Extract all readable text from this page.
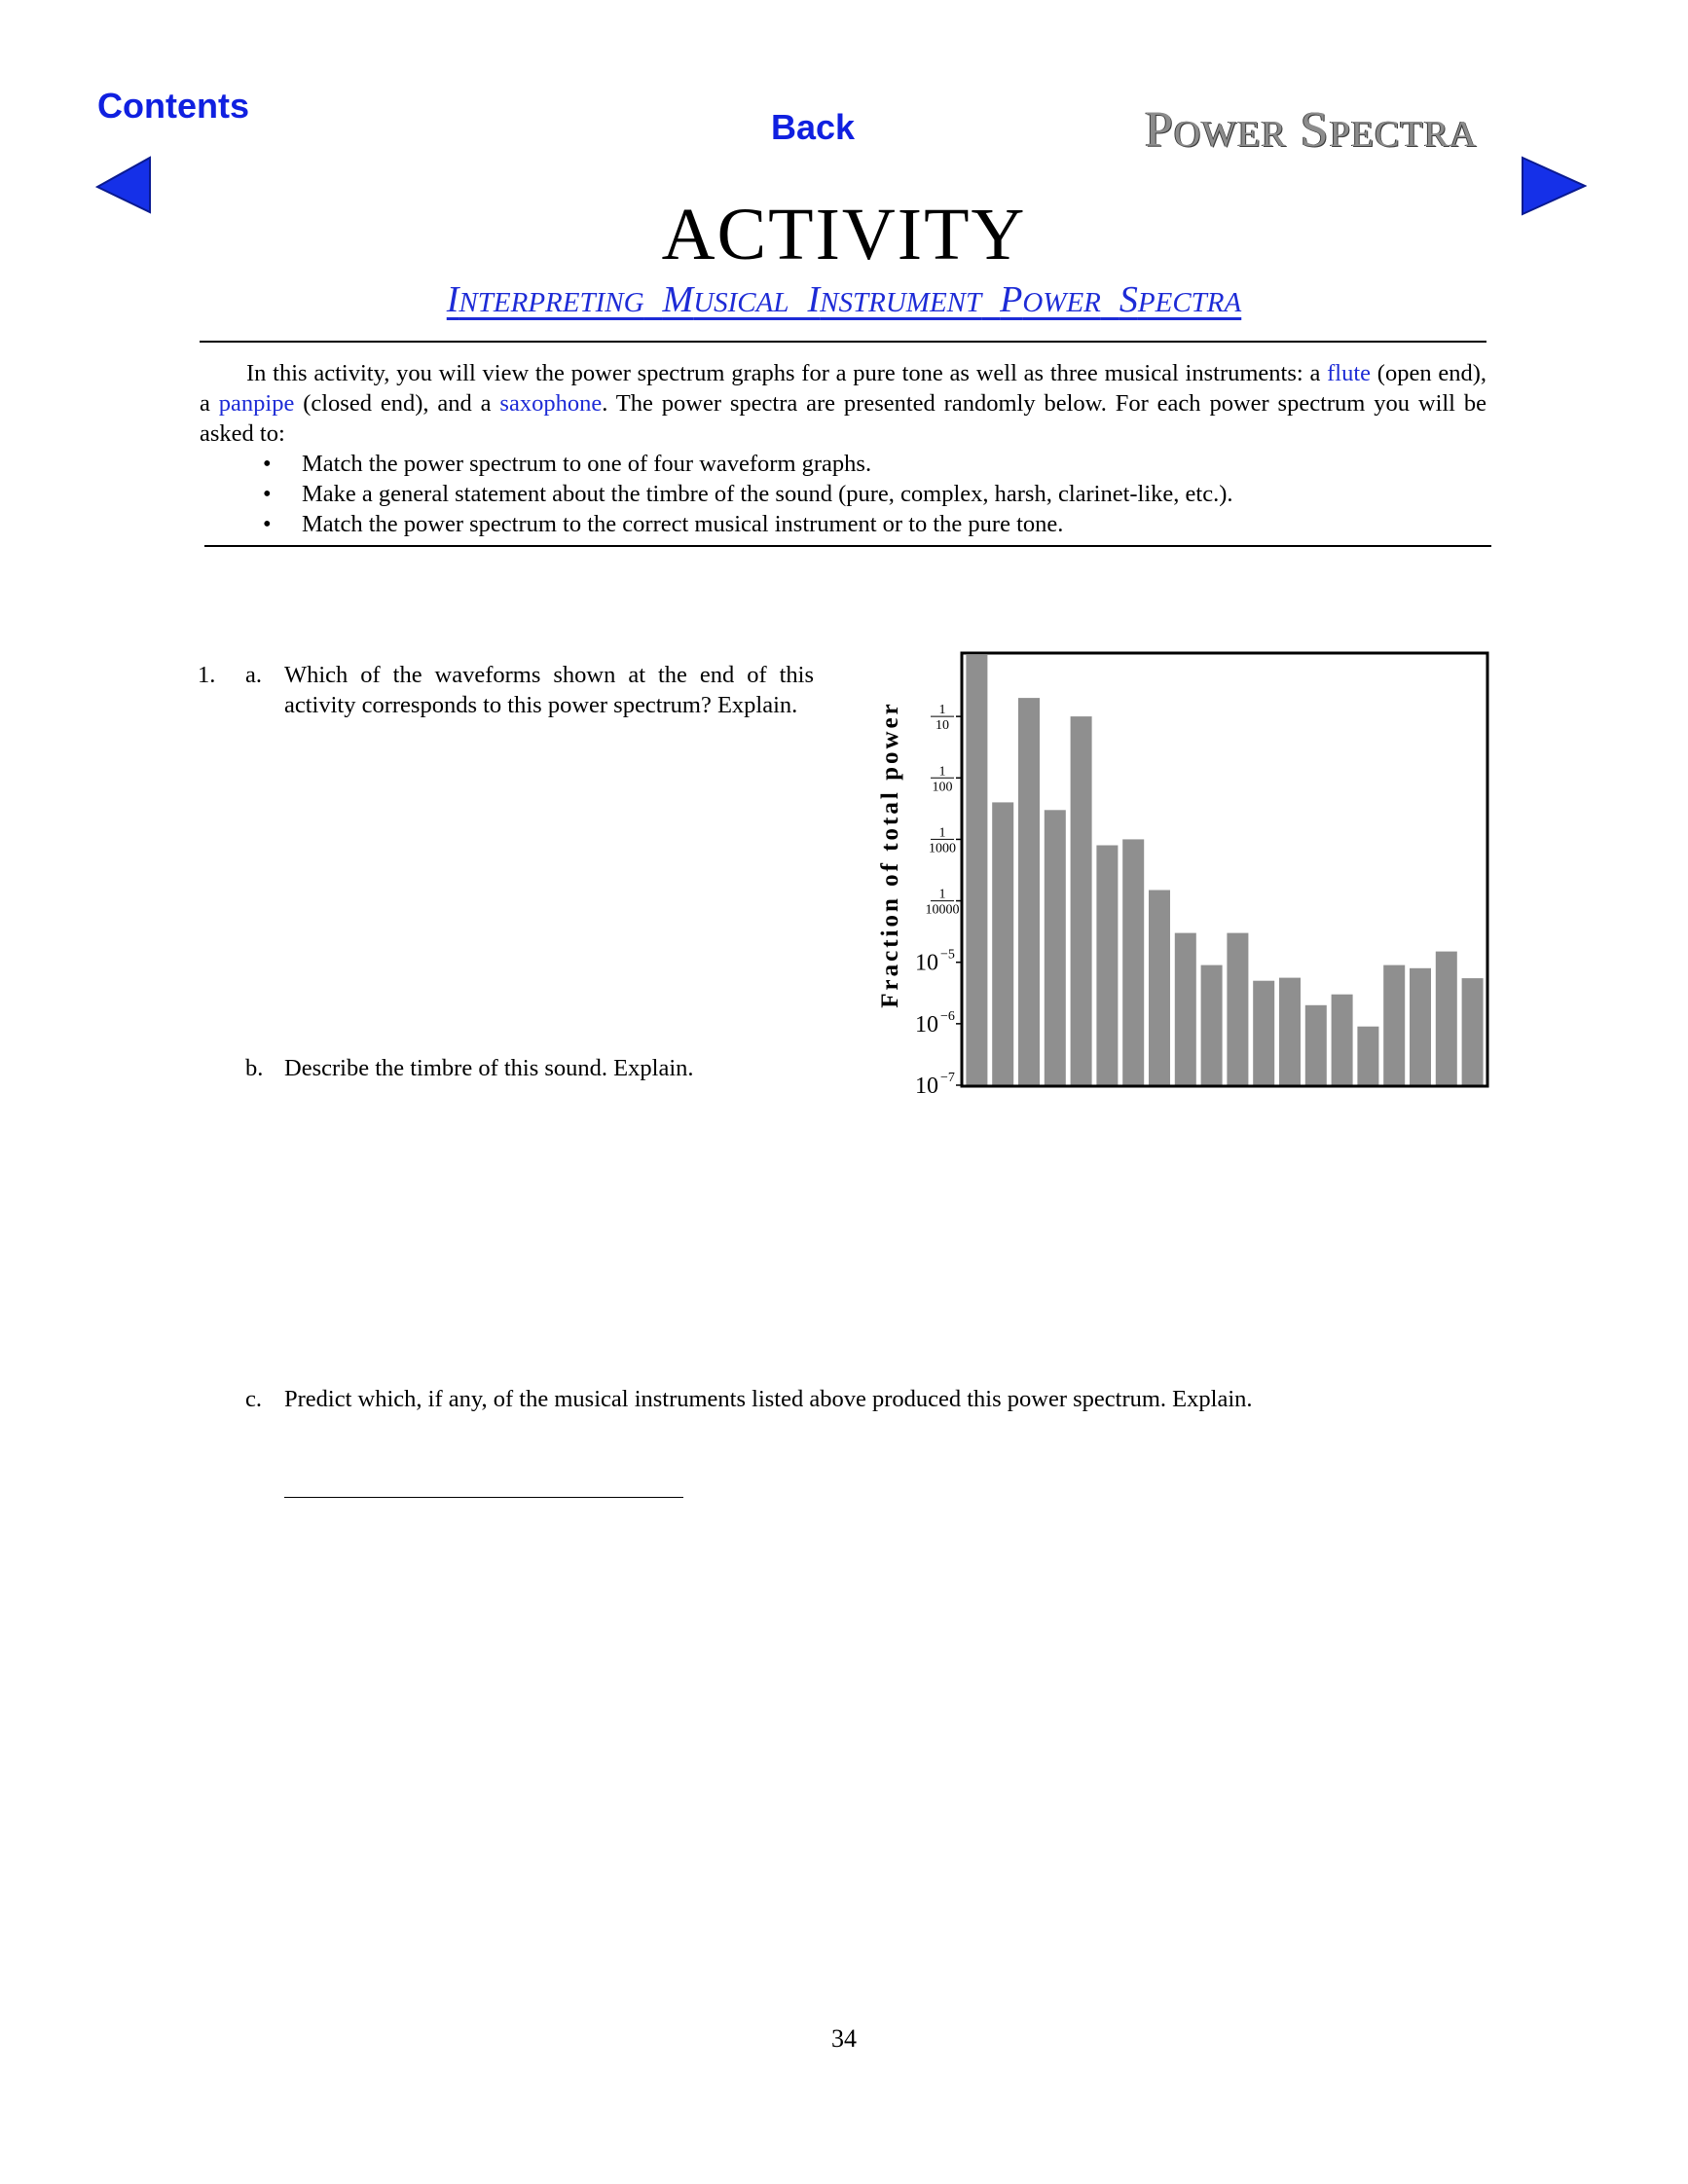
Contents
Back	POWER SPECTRA
ACTIVITY
INTERPRETING MUSICAL INSTRUMENT POWER SPECTRA

In this activity, you will view the power spectrum graphs for a pure tone as well as three musical instruments: a flute (open end), a panpipe (closed end), and a saxophone. The power spectra are presented randomly below. For each power spectrum you will be asked to:

• Match the power spectrum to one of four waveform graphs.
• Make a general statement about the timbre of the sound (pure, complex, harsh, clarinet-like, etc.).
• Match the power spectrum to the correct musical instrument or to the pure tone.
1. a. Which of the waveforms shown at the end of this activity corresponds to this power spectrum? Explain.
b. Describe the timbre of this sound. Explain.
c. Predict which, if any, of the musical instruments listed above produced this power spectrum. Explain.
Fraction of total power	1
10
1
100
1
1000
1
10000
10 −5
10 −6
10 −7
34
